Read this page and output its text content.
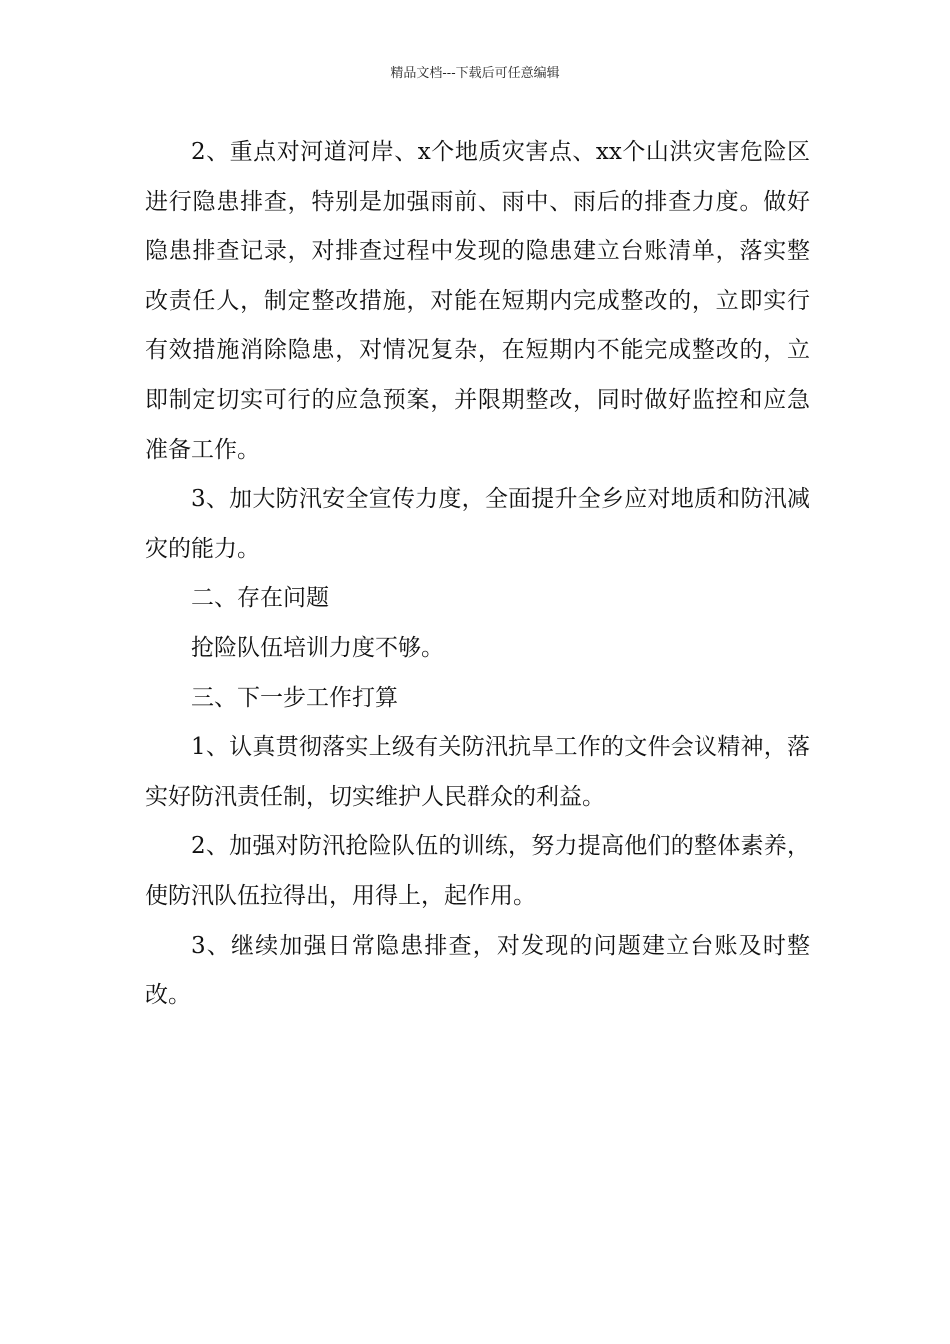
精品文档---下载后可任意编辑

2、重点对河道河岸、x个地质灾害点、xx个山洪灾害危险区进行隐患排查，特别是加强雨前、雨中、雨后的排查力度。做好隐患排查记录，对排查过程中发现的隐患建立台账清单，落实整改责任人，制定整改措施，对能在短期内完成整改的，立即实行有效措施消除隐患，对情况复杂，在短期内不能完成整改的，立即制定切实可行的应急预案，并限期整改，同时做好监控和应急准备工作。

3、加大防汛安全宣传力度，全面提升全乡应对地质和防汛减灾的能力。

二、存在问题

抢险队伍培训力度不够。

三、下一步工作打算

1、认真贯彻落实上级有关防汛抗旱工作的文件会议精神，落实好防汛责任制，切实维护人民群众的利益。

2、加强对防汛抢险队伍的训练，努力提高他们的整体素养，使防汛队伍拉得出，用得上，起作用。

3、继续加强日常隐患排查，对发现的问题建立台账及时整改。
